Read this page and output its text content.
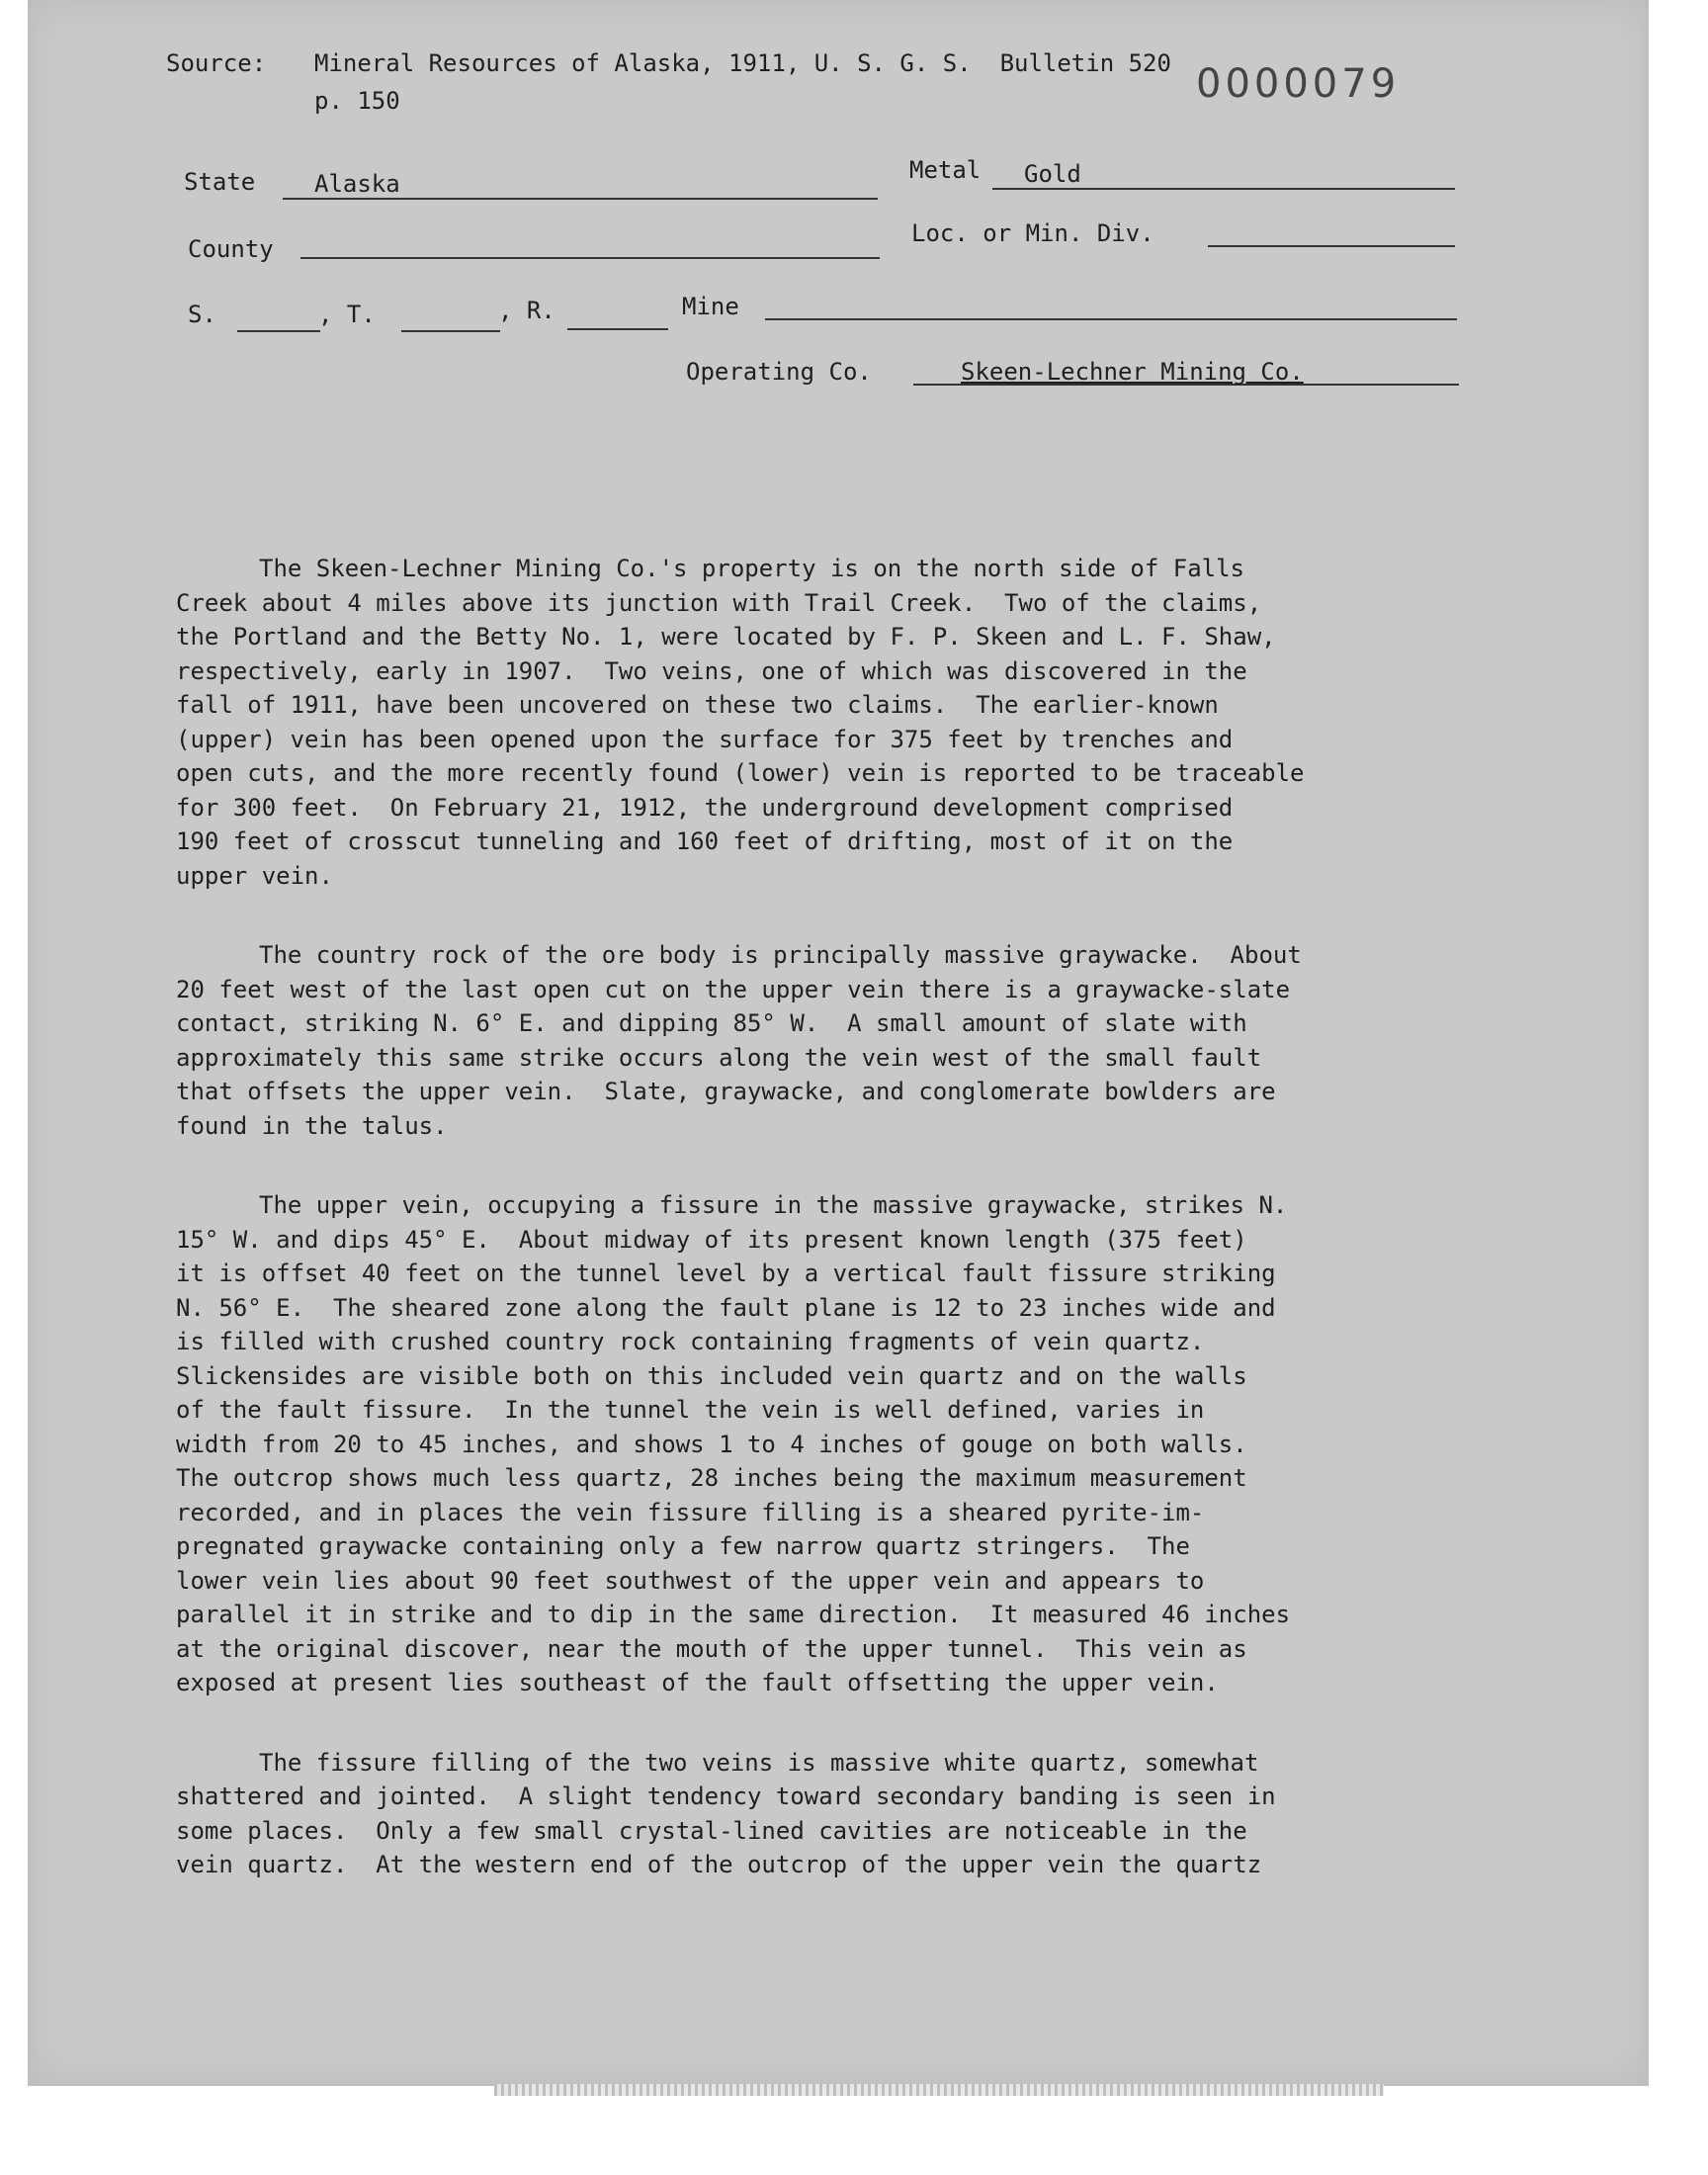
Source: Mineral Resources of Alaska, 1911, U. S. G. S.  Bulletin 520
p. 150	0000079
State Alaska	Metal Gold
County
Loc. or Min. Div.
S.	, T.	, R.	Mine
Operating Co.	Skeen-Lechner Mining Co.

The Skeen-Lechner Mining Co.'s property is on the north side of Falls
Creek about 4 miles above its junction with Trail Creek.  Two of the claims,
the Portland and the Betty No. 1, were located by F. P. Skeen and L. F. Shaw,
respectively, early in 1907.  Two veins, one of which was discovered in the
fall of 1911, have been uncovered on these two claims.  The earlier-known
(upper) vein has been opened upon the surface for 375 feet by trenches and
open cuts, and the more recently found (lower) vein is reported to be traceable
for 300 feet.  On February 21, 1912, the underground development comprised
190 feet of crosscut tunneling and 160 feet of drifting, most of it on the
upper vein.

The country rock of the ore body is principally massive graywacke.  About
20 feet west of the last open cut on the upper vein there is a graywacke-slate
contact, striking N. 6° E. and dipping 85° W.  A small amount of slate with
approximately this same strike occurs along the vein west of the small fault
that offsets the upper vein.  Slate, graywacke, and conglomerate bowlders are
found in the talus.

The upper vein, occupying a fissure in the massive graywacke, strikes N.
15° W. and dips 45° E.  About midway of its present known length (375 feet)
it is offset 40 feet on the tunnel level by a vertical fault fissure striking
N. 56° E.  The sheared zone along the fault plane is 12 to 23 inches wide and
is filled with crushed country rock containing fragments of vein quartz.
Slickensides are visible both on this included vein quartz and on the walls
of the fault fissure.  In the tunnel the vein is well defined, varies in
width from 20 to 45 inches, and shows 1 to 4 inches of gouge on both walls.
The outcrop shows much less quartz, 28 inches being the maximum measurement
recorded, and in places the vein fissure filling is a sheared pyrite-im-
pregnated graywacke containing only a few narrow quartz stringers.  The
lower vein lies about 90 feet southwest of the upper vein and appears to
parallel it in strike and to dip in the same direction.  It measured 46 inches
at the original discover, near the mouth of the upper tunnel.  This vein as
exposed at present lies southeast of the fault offsetting the upper vein.

The fissure filling of the two veins is massive white quartz, somewhat
shattered and jointed.  A slight tendency toward secondary banding is seen in
some places.  Only a few small crystal-lined cavities are noticeable in the
vein quartz.  At the western end of the outcrop of the upper vein the quartz
